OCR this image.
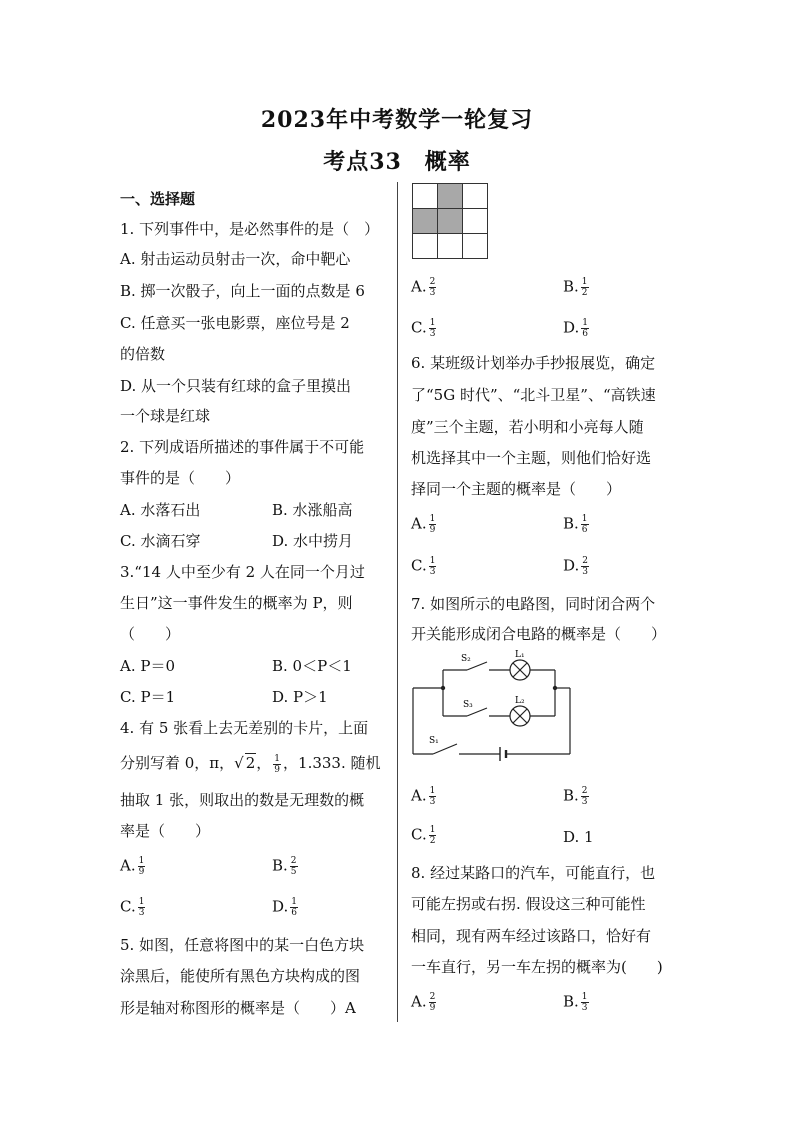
2023年中考数学一轮复习
考点33　概率
一、选择题
1. 下列事件中，是必然事件的是（　）
A. 射击运动员射击一次，命中靶心
B. 掷一次骰子，向上一面的点数是 6
C. 任意买一张电影票，座位号是 2
的倍数
D. 从一个只装有红球的盒子里摸出
一个球是红球
2. 下列成语所描述的事件属于不可能
事件的是（　　）
A. 水落石出	B. 水涨船高
C. 水滴石穿	D. 水中捞月
3.“14 人中至少有 2 人在同一个月过
生日”这一事件发生的概率为 P，则
（　　）
A. P＝0	B. 0＜P＜1
C. P＝1	D. P＞1
4. 有 5 张看上去无差别的卡片，上面
分别写着 0，π，√ 2， $\frac{1}{9}$ ，1.333. 随机
抽取 1 张，则取出的数是无理数的概
率是（　　）
A. $\frac{1}{9}$	B. $\frac{2}{5}$
C. $\frac{1}{3}$	D. $\frac{1}{6}$
5. 如图，任意将图中的某一白色方块
涂黑后，能使所有黑色方块构成的图
形是轴对称图形的概率是（　　）A
A. $\frac{2}{3}$	B. $\frac{1}{2}$
C. $\frac{1}{3}$	D. $\frac{1}{6}$
6. 某班级计划举办手抄报展览，确定
了“5G 时代”、“北斗卫星”、“高铁速
度”三个主题，若小明和小亮每人随
机选择其中一个主题，则他们恰好选
择同一个主题的概率是（　　）
A. $\frac{1}{9}$	B. $\frac{1}{6}$
C. $\frac{1}{3}$	D. $\frac{2}{3}$
7. 如图所示的电路图，同时闭合两个
开关能形成闭合电路的概率是（　　）
A. $\frac{1}{3}$	B. $\frac{2}{3}$
C. $\frac{1}{2}$	D. 1
8. 经过某路口的汽车，可能直行，也
可能左拐或右拐. 假设这三种可能性
相同，现有两车经过该路口，恰好有
一车直行，另一车左拐的概率为(　　)
A. $\frac{2}{9}$	B. $\frac{1}{3}$
S₂
S₃
S₁
L₁
L₂
